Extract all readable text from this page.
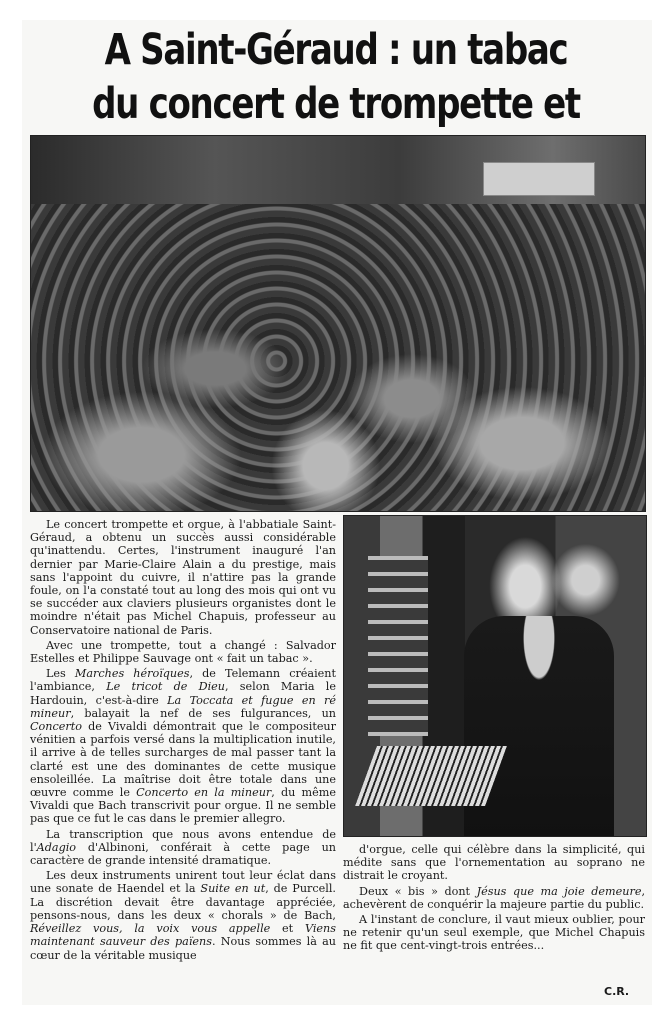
A Saint-Géraud : un tabac
du concert de trompette et

Le concert trompette et orgue, à l'abbatiale Saint-Géraud, a obtenu un succès aussi considérable qu'inattendu. Certes, l'instrument inauguré l'an dernier par Marie-Claire Alain a du prestige, mais sans l'appoint du cuivre, il n'attire pas la grande foule, on l'a constaté tout au long des mois qui ont vu se succéder aux claviers plusieurs organistes dont le moindre n'était pas Michel Chapuis, professeur au Conservatoire national de Paris.

Avec une trompette, tout a changé : Salvador Estelles et Philippe Sauvage ont « fait un tabac ».

Les Marches héroïques, de Telemann créaient l'ambiance, Le tricot de Dieu, selon Maria le Hardouin, c'est-à-dire La Toccata et fugue en ré mineur, balayait la nef de ses fulgurances, un Concerto de Vivaldi démontrait que le compositeur vénitien a parfois versé dans la multiplication inutile, il arrive à de telles surcharges de mal passer tant la clarté est une des dominantes de cette musique ensoleillée. La maîtrise doit être totale dans une œuvre comme le Concerto en la mineur, du même Vivaldi que Bach transcrivit pour orgue. Il ne semble pas que ce fut le cas dans le premier allegro.

La transcription que nous avons entendue de l'Adagio d'Albinoni, conférait à cette page un caractère de grande intensité dramatique.

Les deux instruments unirent tout leur éclat dans une sonate de Haendel et la Suite en ut, de Purcell. La discrétion devait être davantage appréciée, pensons-nous, dans les deux « chorals » de Bach, Réveillez vous, la voix vous appelle et Viens maintenant sauveur des païens. Nous sommes là au cœur de la véritable musique

d'orgue, celle qui célèbre dans la simplicité, qui médite sans que l'ornementation au soprano ne distrait le croyant.

Deux « bis » dont Jésus que ma joie demeure, achevèrent de conquérir la majeure partie du public.

A l'instant de conclure, il vaut mieux oublier, pour ne retenir qu'un seul exemple, que Michel Chapuis ne fit que cent-vingt-trois entrées...

C.R.
